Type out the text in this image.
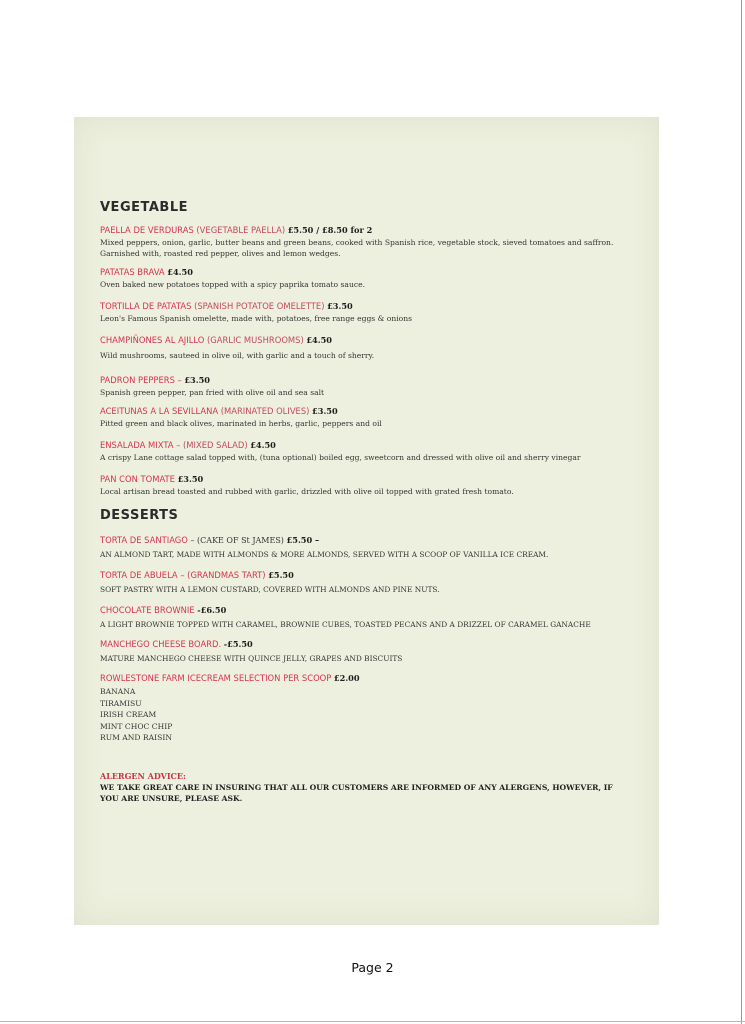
VEGETABLE
PAELLA DE VERDURAS (VEGETABLE PAELLA) £5.50 / £8.50 for 2
Mixed peppers, onion, garlic, butter beans and green beans, cooked with Spanish rice, vegetable stock, sieved tomatoes and saffron. Garnished with, roasted red pepper, olives and lemon wedges.
PATATAS BRAVA £4.50
Oven baked new potatoes topped with a spicy paprika tomato sauce.
TORTILLA DE PATATAS (SPANISH POTATOE OMELETTE) £3.50
Leon's Famous Spanish omelette, made with, potatoes, free range eggs & onions
CHAMPIÑONES AL AJILLO (GARLIC MUSHROOMS) £4.50
Wild mushrooms, sauteed in olive oil, with garlic and a touch of sherry.
PADRON PEPPERS – £3.50
Spanish green pepper, pan fried with olive oil and sea salt
ACEITUNAS A LA SEVILLANA (MARINATED OLIVES) £3.50
Pitted green and black olives, marinated in herbs, garlic, peppers and oil
ENSALADA MIXTA – (MIXED SALAD) £4.50
A crispy Lane cottage salad topped with, (tuna optional) boiled egg, sweetcorn and dressed with olive oil and sherry vinegar
PAN CON TOMATE £3.50
Local artisan bread toasted and rubbed with garlic, drizzled with olive oil topped with grated fresh tomato.
DESSERTS
TORTA DE SANTIAGO – (CAKE OF St JAMES) £5.50 –
AN ALMOND TART, MADE WITH ALMONDS & MORE ALMONDS, SERVED WITH A SCOOP OF VANILLA ICE CREAM.
TORTA DE ABUELA – (GRANDMAS TART) £5.50
SOFT PASTRY WITH A LEMON CUSTARD, COVERED WITH ALMONDS AND PINE NUTS.
CHOCOLATE BROWNIE -£6.50
A LIGHT BROWNIE TOPPED WITH CARAMEL, BROWNIE CUBES, TOASTED PECANS AND A DRIZZEL OF CARAMEL GANACHE
MANCHEGO CHEESE BOARD. -£5.50
MATURE MANCHEGO CHEESE WITH QUINCE JELLY, GRAPES AND BISCUITS
ROWLESTONE FARM ICECREAM SELECTION PER SCOOP £2.00
BANANA
TIRAMISU
IRISH CREAM
MINT CHOC CHIP
RUM AND RAISIN
ALERGEN ADVICE:
WE TAKE GREAT CARE IN INSURING THAT ALL OUR CUSTOMERS ARE INFORMED OF ANY ALERGENS, HOWEVER, IF YOU ARE UNSURE, PLEASE ASK.
Page 2
